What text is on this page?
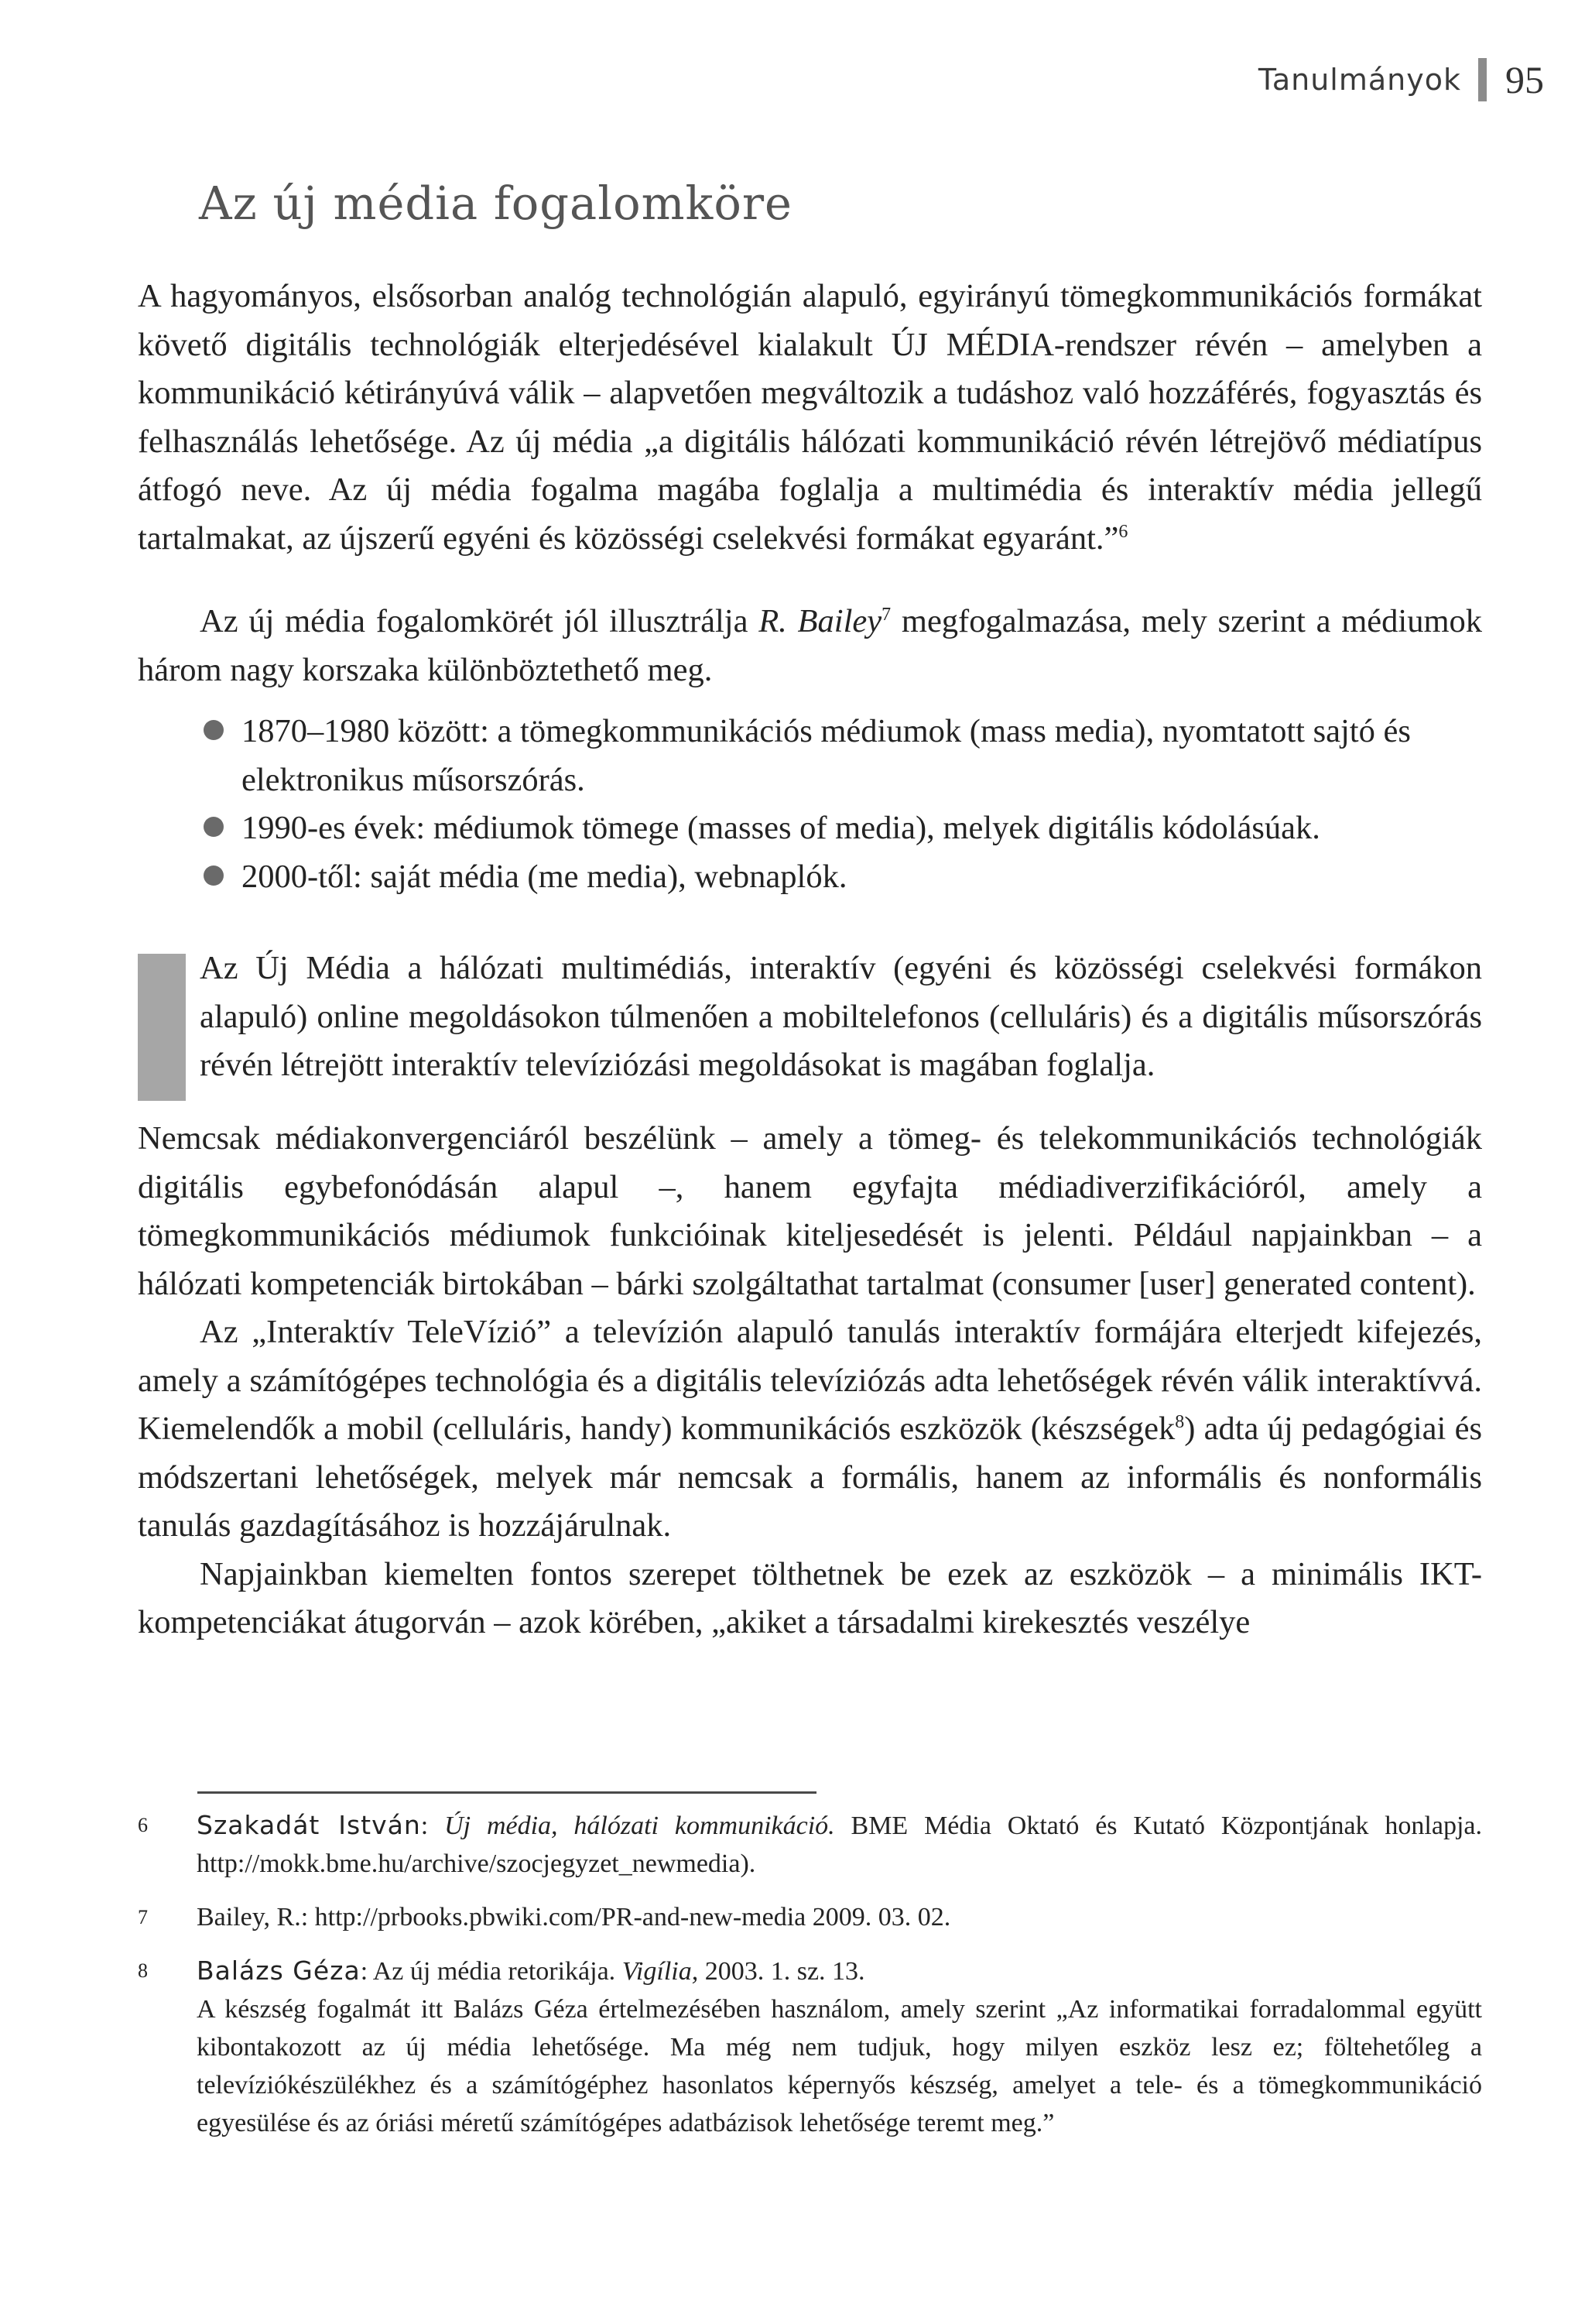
Tanulmányok 95
Az új média fogalomköre

A hagyományos, elsősorban analóg technológián alapuló, egyirányú tömegkommunikációs formákat követő digitális technológiák elterjedésével kialakult ÚJ MÉDIA-rendszer révén – amelyben a kommunikáció kétirányúvá válik – alapvetően megváltozik a tudáshoz való hozzáférés, fogyasztás és felhasználás lehetősége. Az új média „a digitális hálózati kommunikáció révén létrejövő médiatípus átfogó neve. Az új média fogalma magába foglalja a multimédia és interaktív média jellegű tartalmakat, az újszerű egyéni és közösségi cselekvési formákat egyaránt.”$^6$

Az új média fogalomkörét jól illusztrálja R. Bailey$^7$ megfogalmazása, mely szerint a médiumok három nagy korszaka különböztethető meg.

1870–1980 között: a tömegkommunikációs médiumok (mass media), nyomtatott sajtó és elektronikus műsorszórás.
1990-es évek: médiumok tömege (masses of media), melyek digitális kódolásúak.
2000-től: saját média (me media), webnaplók.

Az Új Média a hálózati multimédiás, interaktív (egyéni és közösségi cselekvési formákon alapuló) online megoldásokon túlmenően a mobiltelefonos (celluláris) és a digitális műsorszórás révén létrejött interaktív televíziózási megoldásokat is magában foglalja.

Nemcsak médiakonvergenciáról beszélünk – amely a tömeg- és telekommunikációs technológiák digitális egybefonódásán alapul –, hanem egyfajta médiadiverzifikációról, amely a tömegkommunikációs médiumok funkcióinak kiteljesedését is jelenti. Például napjainkban – a hálózati kompetenciák birtokában – bárki szolgáltathat tartalmat (consumer [user] generated content).

Az „Interaktív TeleVízió” a televízión alapuló tanulás interaktív formájára elterjedt kifejezés, amely a számítógépes technológia és a digitális televíziózás adta lehetőségek révén válik interaktívvá. Kiemelendők a mobil (celluláris, handy) kommunikációs eszközök (készségek$^8$) adta új pedagógiai és módszertani lehetőségek, melyek már nemcsak a formális, hanem az informális és nonformális tanulás gazdagításához is hozzájárulnak.

Napjainkban kiemelten fontos szerepet tölthetnek be ezek az eszközök – a minimális IKT-kompetenciákat átugorván – azok körében, „akiket a társadalmi kirekesztés veszélye

6 Szakadát István: Új média, hálózati kommunikáció. BME Média Oktató és Kutató Központjának honlapja. http://mokk.bme.hu/archive/szocjegyzet_newmedia).

7 Bailey, R.: http://prbooks.pbwiki.com/PR-and-new-media 2009. 03. 02.

8 Balázs Géza: Az új média retorikája. Vigília, 2003. 1. sz. 13.

A készség fogalmát itt Balázs Géza értelmezésében használom, amely szerint „Az informatikai forradalommal együtt kibontakozott az új média lehetősége. Ma még nem tudjuk, hogy milyen eszköz lesz ez; föltehetőleg a televíziókészülékhez és a számítógéphez hasonlatos képernyős készség, amelyet a tele- és a tömegkommunikáció egyesülése és az óriási méretű számítógépes adatbázisok lehetősége teremt meg.”
